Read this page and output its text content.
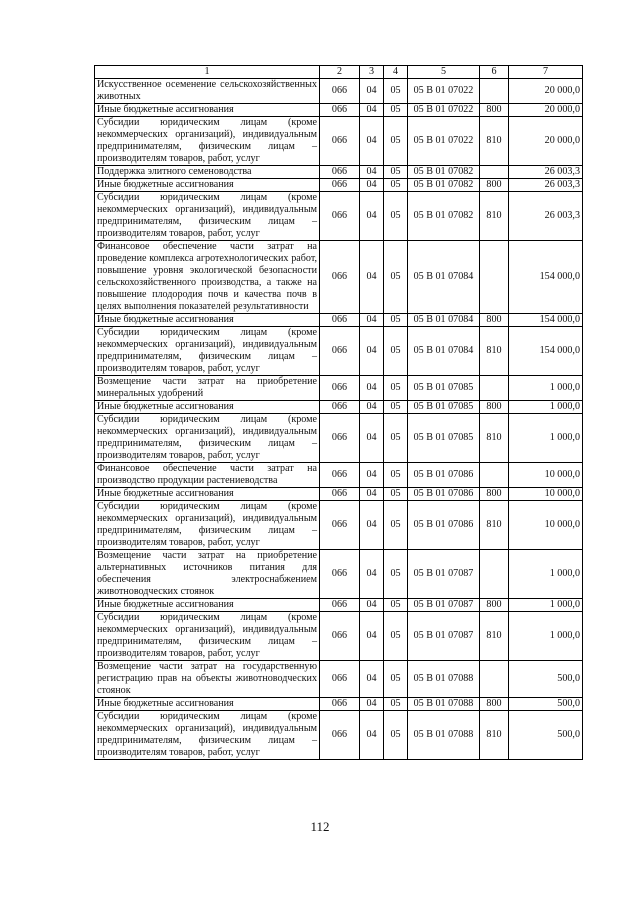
1	2	3	4	5	6	7
Искусственное осеменение сельскохозяйственных животных	066	04	05	05 В 01 07022		20 000,0
Иные бюджетные ассигнования	066	04	05	05 В 01 07022	800	20 000,0
Субсидии юридическим лицам (кроме некоммерческих организаций), индивидуальным предпринимателям, физическим лицам – производителям товаров, работ, услуг	066	04	05	05 В 01 07022	810	20 000,0
Поддержка элитного семеноводства	066	04	05	05 В 01 07082		26 003,3
Иные бюджетные ассигнования	066	04	05	05 В 01 07082	800	26 003,3
Субсидии юридическим лицам (кроме некоммерческих организаций), индивидуальным предпринимателям, физическим лицам – производителям товаров, работ, услуг	066	04	05	05 В 01 07082	810	26 003,3
Финансовое обеспечение части затрат на проведение комплекса агротехнологических работ, повышение уровня экологической безопасности сельскохозяйственного производства, а также на повышение плодородия почв и качества почв в целях выполнения показателей результативности	066	04	05	05 В 01 07084		154 000,0
Иные бюджетные ассигнования	066	04	05	05 В 01 07084	800	154 000,0
Субсидии юридическим лицам (кроме некоммерческих организаций), индивидуальным предпринимателям, физическим лицам – производителям товаров, работ, услуг	066	04	05	05 В 01 07084	810	154 000,0
Возмещение части затрат на приобретение минеральных удобрений	066	04	05	05 В 01 07085		1 000,0
Иные бюджетные ассигнования	066	04	05	05 В 01 07085	800	1 000,0
Субсидии юридическим лицам (кроме некоммерческих организаций), индивидуальным предпринимателям, физическим лицам – производителям товаров, работ, услуг	066	04	05	05 В 01 07085	810	1 000,0
Финансовое обеспечение части затрат на производство продукции растениеводства	066	04	05	05 В 01 07086		10 000,0
Иные бюджетные ассигнования	066	04	05	05 В 01 07086	800	10 000,0
Субсидии юридическим лицам (кроме некоммерческих организаций), индивидуальным предпринимателям, физическим лицам – производителям товаров, работ, услуг	066	04	05	05 В 01 07086	810	10 000,0
Возмещение части затрат на приобретение альтернативных источников питания для обеспечения электроснабжением животноводческих стоянок	066	04	05	05 В 01 07087		1 000,0
Иные бюджетные ассигнования	066	04	05	05 В 01 07087	800	1 000,0
Субсидии юридическим лицам (кроме некоммерческих организаций), индивидуальным предпринимателям, физическим лицам – производителям товаров, работ, услуг	066	04	05	05 В 01 07087	810	1 000,0
Возмещение части затрат на государственную регистрацию прав на объекты животноводческих стоянок	066	04	05	05 В 01 07088		500,0
Иные бюджетные ассигнования	066	04	05	05 В 01 07088	800	500,0
Субсидии юридическим лицам (кроме некоммерческих организаций), индивидуальным предпринимателям, физическим лицам – производителям товаров, работ, услуг	066	04	05	05 В 01 07088	810	500,0
112
